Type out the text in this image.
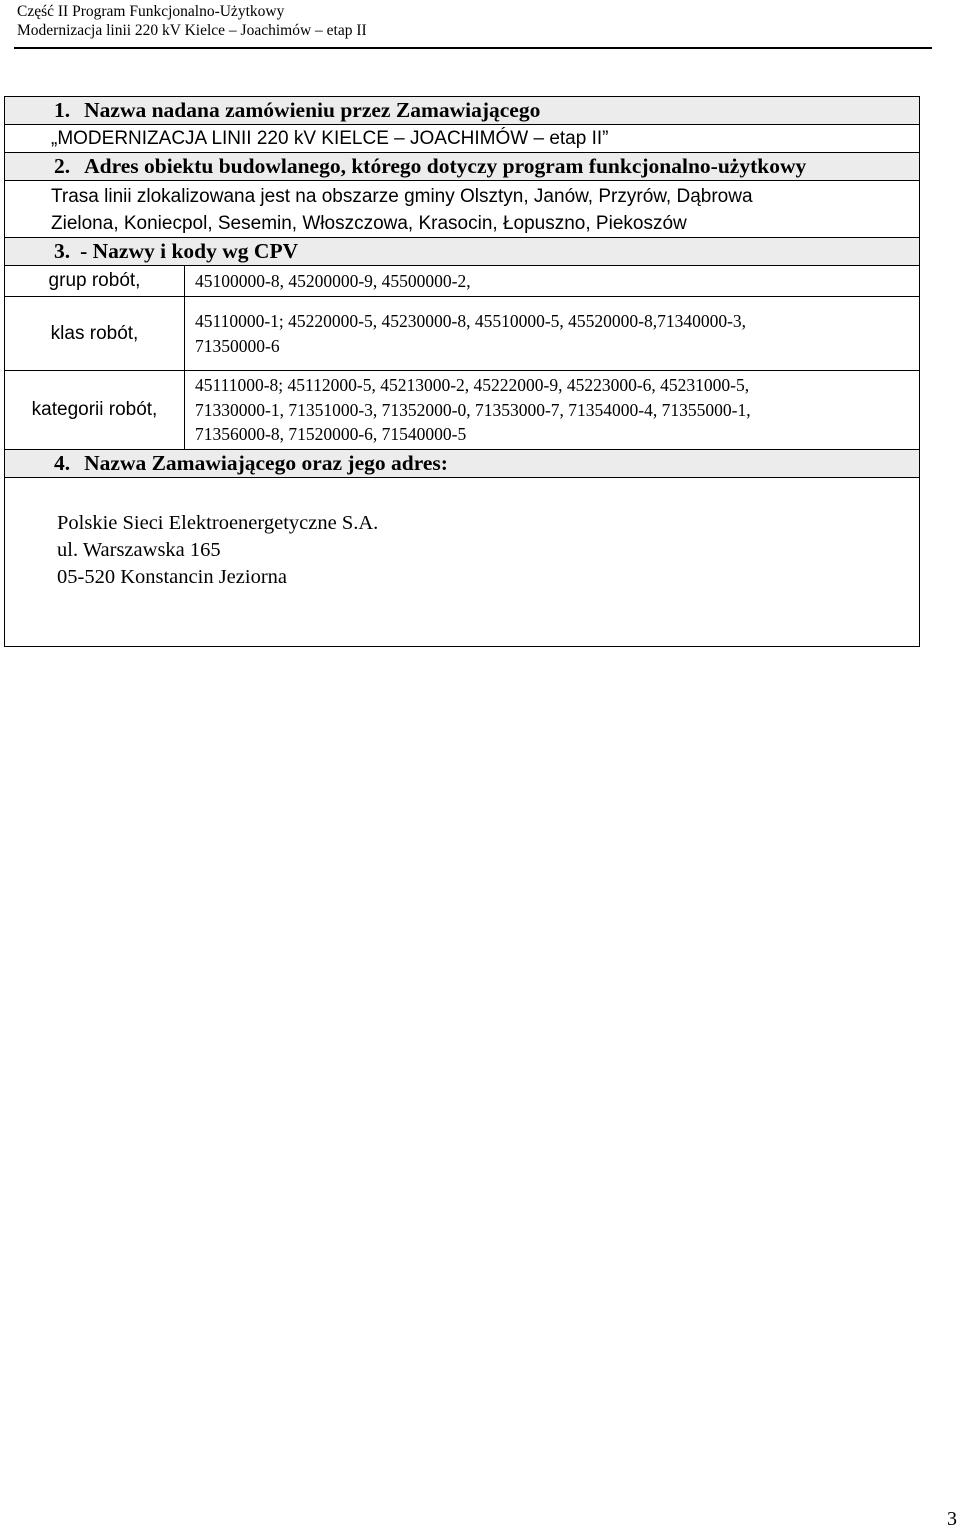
Część II Program Funkcjonalno-Użytkowy
Modernizacja linii 220 kV Kielce – Joachimów – etap II
1. Nazwa nadana zamówieniu przez Zamawiającego	
„MODERNIZACJA LINII 220 kV KIELCE – JOACHIMÓW – etap II”	
2. Adres obiektu budowlanego, którego dotyczy program funkcjonalno-użytkowy	

Trasa linii zlokalizowana jest na obszarze gminy Olsztyn, Janów, Przyrów, Dąbrowa
Zielona, Koniecpol, Sesemin, Włoszczowa, Krasocin, Łopuszno, Piekoszów	

3. - Nazwy i kody wg CPV	
grup robót,	45100000-8, 45200000-9, 45500000-2,

klas robót,	45110000-1; 45220000-5, 45230000-8, 45510000-5, 45520000-8,71340000-3,
71350000-6

kategorii robót,	45111000-8; 45112000-5, 45213000-2, 45222000-9, 45223000-6, 45231000-5,
71330000-1, 71351000-3, 71352000-0, 71353000-7, 71354000-4, 71355000-1,
71356000-8, 71520000-6, 71540000-5

4. Nazwa Zamawiającego oraz jego adres:	

Polskie Sieci Elektroenergetyczne S.A.
ul. Warszawska 165
05-520 Konstancin Jeziorna	
3
